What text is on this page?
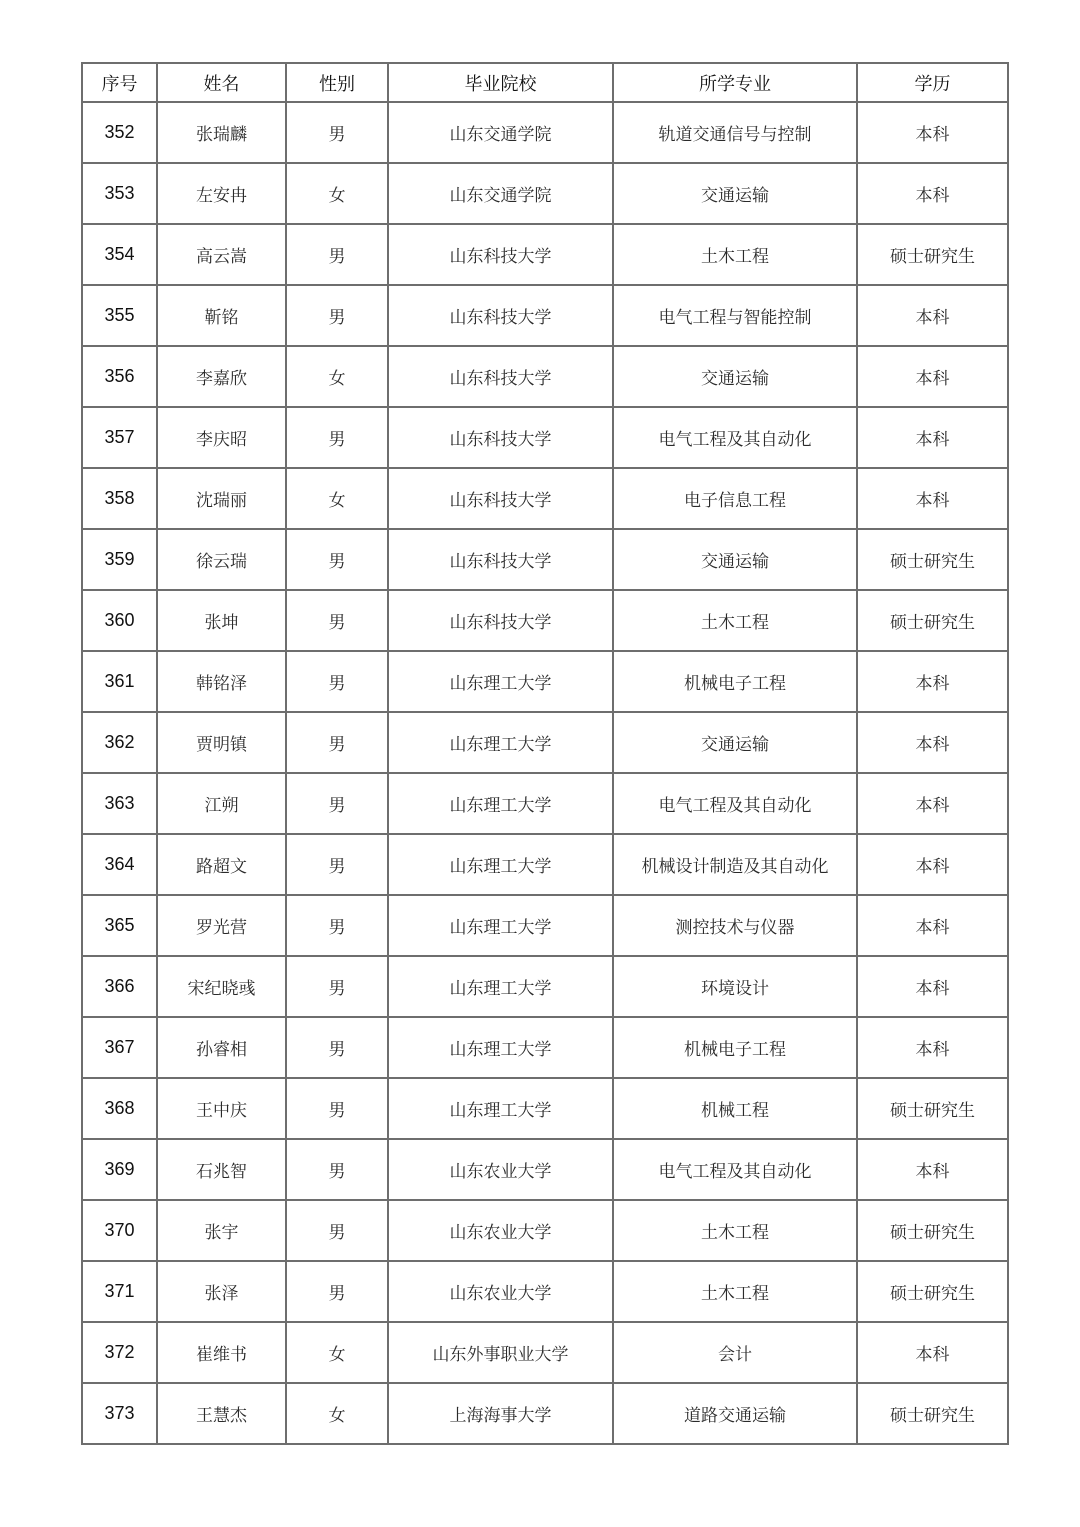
序号	姓名	性别	毕业院校	所学专业	学历
352	张瑞麟	男	山东交通学院	轨道交通信号与控制	本科
353	左安冉	女	山东交通学院	交通运输	本科
354	高云嵩	男	山东科技大学	土木工程	硕士研究生
355	靳铭	男	山东科技大学	电气工程与智能控制	本科
356	李嘉欣	女	山东科技大学	交通运输	本科
357	李庆昭	男	山东科技大学	电气工程及其自动化	本科
358	沈瑞丽	女	山东科技大学	电子信息工程	本科
359	徐云瑞	男	山东科技大学	交通运输	硕士研究生
360	张坤	男	山东科技大学	土木工程	硕士研究生
361	韩铭泽	男	山东理工大学	机械电子工程	本科
362	贾明镇	男	山东理工大学	交通运输	本科
363	江朔	男	山东理工大学	电气工程及其自动化	本科
364	路超文	男	山东理工大学	机械设计制造及其自动化	本科
365	罗光营	男	山东理工大学	测控技术与仪器	本科
366	宋纪晓彧	男	山东理工大学	环境设计	本科
367	孙睿相	男	山东理工大学	机械电子工程	本科
368	王中庆	男	山东理工大学	机械工程	硕士研究生
369	石兆智	男	山东农业大学	电气工程及其自动化	本科
370	张宇	男	山东农业大学	土木工程	硕士研究生
371	张泽	男	山东农业大学	土木工程	硕士研究生
372	崔维书	女	山东外事职业大学	会计	本科
373	王慧杰	女	上海海事大学	道路交通运输	硕士研究生
